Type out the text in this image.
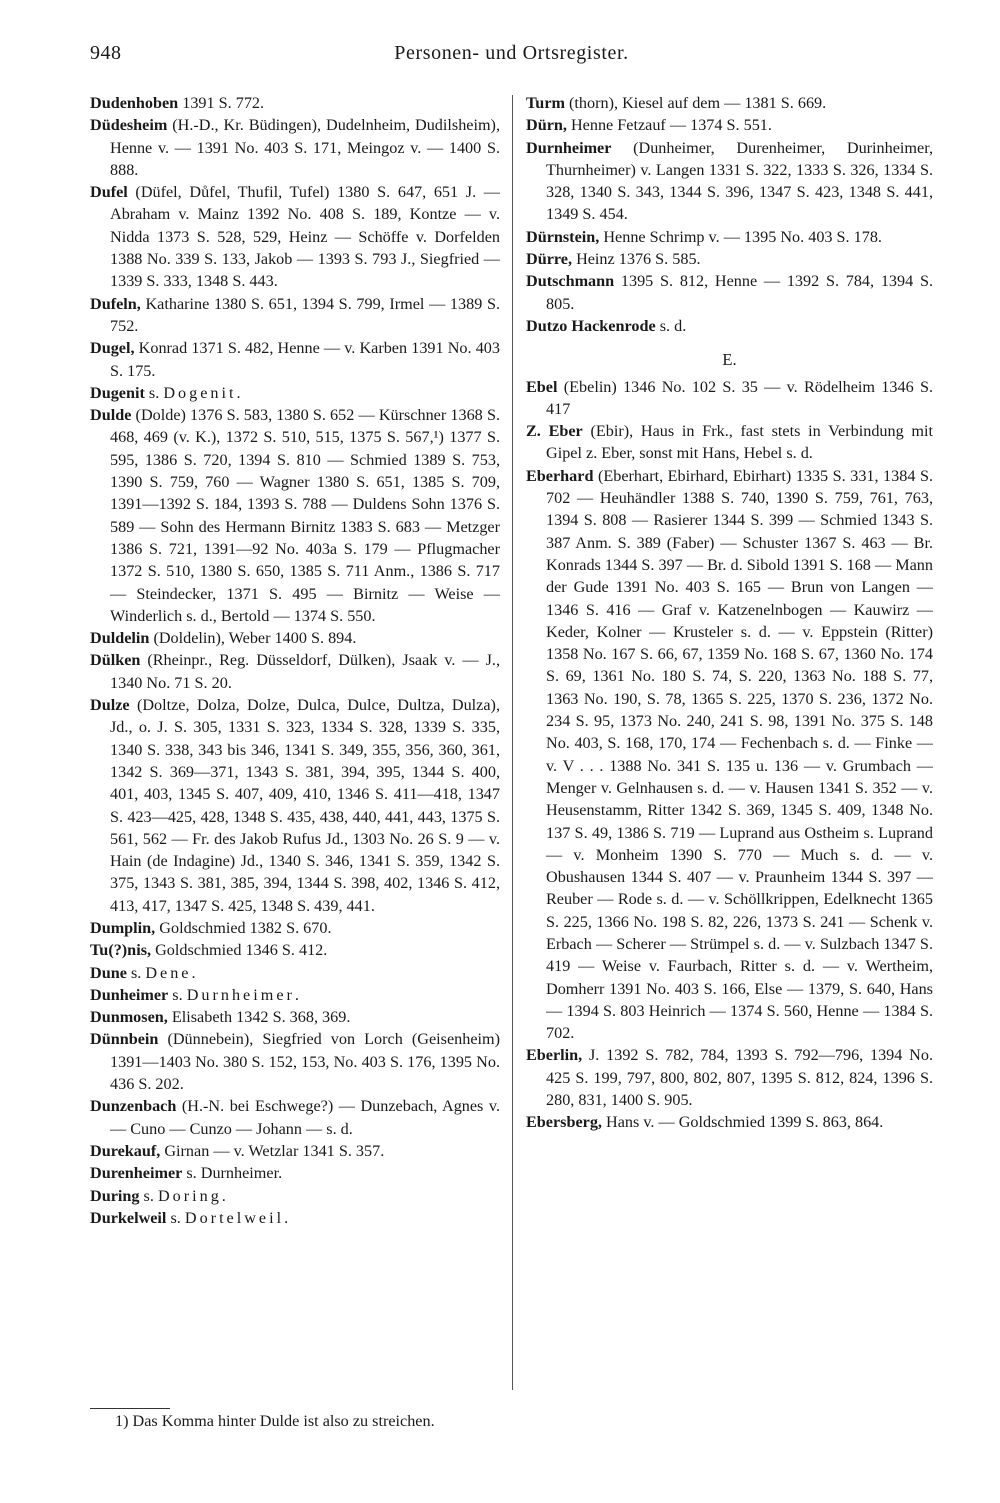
948	Personen- und Ortsregister.

Dudenhoben 1391 S. 772.

Düdesheim (H.-D., Kr. Büdingen), Dudelnheim, Dudilsheim), Henne v. — 1391 No. 403 S. 171, Meingoz v. — 1400 S. 888.

Dufel (Düfel, Důfel, Thufil, Tufel) 1380 S. 647, 651 J. — Abraham v. Mainz 1392 No. 408 S. 189, Kontze — v. Nidda 1373 S. 528, 529, Heinz — Schöffe v. Dorfelden 1388 No. 339 S. 133, Jakob — 1393 S. 793 J., Siegfried — 1339 S. 333, 1348 S. 443.

Dufeln, Katharine 1380 S. 651, 1394 S. 799, Irmel — 1389 S. 752.

Dugel, Konrad 1371 S. 482, Henne — v. Karben 1391 No. 403 S. 175.

Dugenit s. Dogenit.

Dulde (Dolde) 1376 S. 583, 1380 S. 652 — Kürschner 1368 S. 468, 469 (v. K.), 1372 S. 510, 515, 1375 S. 567,¹) 1377 S. 595, 1386 S. 720, 1394 S. 810 — Schmied 1389 S. 753, 1390 S. 759, 760 — Wagner 1380 S. 651, 1385 S. 709, 1391—1392 S. 184, 1393 S. 788 — Duldens Sohn 1376 S. 589 — Sohn des Hermann Birnitz 1383 S. 683 — Metzger 1386 S. 721, 1391—92 No. 403a S. 179 — Pflugmacher 1372 S. 510, 1380 S. 650, 1385 S. 711 Anm., 1386 S. 717 — Steindecker, 1371 S. 495 — Birnitz — Weise — Winderlich s. d., Bertold — 1374 S. 550.

Duldelin (Doldelin), Weber 1400 S. 894.

Dülken (Rheinpr., Reg. Düsseldorf, Dülken), Jsaak v. — J., 1340 No. 71 S. 20.

Dulze (Doltze, Dolza, Dolze, Dulca, Dulce, Dultza, Dulza), Jd., o. J. S. 305, 1331 S. 323, 1334 S. 328, 1339 S. 335, 1340 S. 338, 343 bis 346, 1341 S. 349, 355, 356, 360, 361, 1342 S. 369—371, 1343 S. 381, 394, 395, 1344 S. 400, 401, 403, 1345 S. 407, 409, 410, 1346 S. 411—418, 1347 S. 423—425, 428, 1348 S. 435, 438, 440, 441, 443, 1375 S. 561, 562 — Fr. des Jakob Rufus Jd., 1303 No. 26 S. 9 — v. Hain (de Indagine) Jd., 1340 S. 346, 1341 S. 359, 1342 S. 375, 1343 S. 381, 385, 394, 1344 S. 398, 402, 1346 S. 412, 413, 417, 1347 S. 425, 1348 S. 439, 441.

Dumplin, Goldschmied 1382 S. 670.

Tu(?)nis, Goldschmied 1346 S. 412.

Dune s. Dene.

Dunheimer s. Durnheimer.

Dunmosen, Elisabeth 1342 S. 368, 369.

Dünnbein (Dünnebein), Siegfried von Lorch (Geisenheim) 1391—1403 No. 380 S. 152, 153, No. 403 S. 176, 1395 No. 436 S. 202.

Dunzenbach (H.-N. bei Eschwege?) — Dunzebach, Agnes v. — Cuno — Cunzo — Johann — s. d.

Durekauf, Girnan — v. Wetzlar 1341 S. 357.

Durenheimer s. Durnheimer.

During s. Doring.

Durkelweil s. Dortelweil.

Turm (thorn), Kiesel auf dem — 1381 S. 669.

Dürn, Henne Fetzauf — 1374 S. 551.

Durnheimer (Dunheimer, Durenheimer, Durinheimer, Thurnheimer) v. Langen 1331 S. 322, 1333 S. 326, 1334 S. 328, 1340 S. 343, 1344 S. 396, 1347 S. 423, 1348 S. 441, 1349 S. 454.

Dürnstein, Henne Schrimp v. — 1395 No. 403 S. 178.

Dürre, Heinz 1376 S. 585.

Dutschmann 1395 S. 812, Henne — 1392 S. 784, 1394 S. 805.

Dutzo Hackenrode s. d.

E.

Ebel (Ebelin) 1346 No. 102 S. 35 — v. Rödelheim 1346 S. 417

Z. Eber (Ebir), Haus in Frk., fast stets in Verbindung mit Gipel z. Eber, sonst mit Hans, Hebel s. d.

Eberhard (Eberhart, Ebirhard, Ebirhart) 1335 S. 331, 1384 S. 702 — Heuhändler 1388 S. 740, 1390 S. 759, 761, 763, 1394 S. 808 — Rasierer 1344 S. 399 — Schmied 1343 S. 387 Anm. S. 389 (Faber) — Schuster 1367 S. 463 — Br. Konrads 1344 S. 397 — Br. d. Sibold 1391 S. 168 — Mann der Gude 1391 No. 403 S. 165 — Brun von Langen — 1346 S. 416 — Graf v. Katzenelnbogen — Kauwirz — Keder, Kolner — Krusteler s. d. — v. Eppstein (Ritter) 1358 No. 167 S. 66, 67, 1359 No. 168 S. 67, 1360 No. 174 S. 69, 1361 No. 180 S. 74, S. 220, 1363 No. 188 S. 77, 1363 No. 190, S. 78, 1365 S. 225, 1370 S. 236, 1372 No. 234 S. 95, 1373 No. 240, 241 S. 98, 1391 No. 375 S. 148 No. 403, S. 168, 170, 174 — Fechenbach s. d. — Finke — v. V . . . 1388 No. 341 S. 135 u. 136 — v. Grumbach — Menger v. Gelnhausen s. d. — v. Hausen 1341 S. 352 — v. Heusenstamm, Ritter 1342 S. 369, 1345 S. 409, 1348 No. 137 S. 49, 1386 S. 719 — Luprand aus Ostheim s. Luprand — v. Monheim 1390 S. 770 — Much s. d. — v. Obushausen 1344 S. 407 — v. Praunheim 1344 S. 397 — Reuber — Rode s. d. — v. Schöllkrippen, Edelknecht 1365 S. 225, 1366 No. 198 S. 82, 226, 1373 S. 241 — Schenk v. Erbach — Scherer — Strümpel s. d. — v. Sulzbach 1347 S. 419 — Weise v. Faurbach, Ritter s. d. — v. Wertheim, Domherr 1391 No. 403 S. 166, Else — 1379, S. 640, Hans — 1394 S. 803 Heinrich — 1374 S. 560, Henne — 1384 S. 702.

Eberlin, J. 1392 S. 782, 784, 1393 S. 792—796, 1394 No. 425 S. 199, 797, 800, 802, 807, 1395 S. 812, 824, 1396 S. 280, 831, 1400 S. 905.

Ebersberg, Hans v. — Goldschmied 1399 S. 863, 864.

1) Das Komma hinter Dulde ist also zu streichen.
